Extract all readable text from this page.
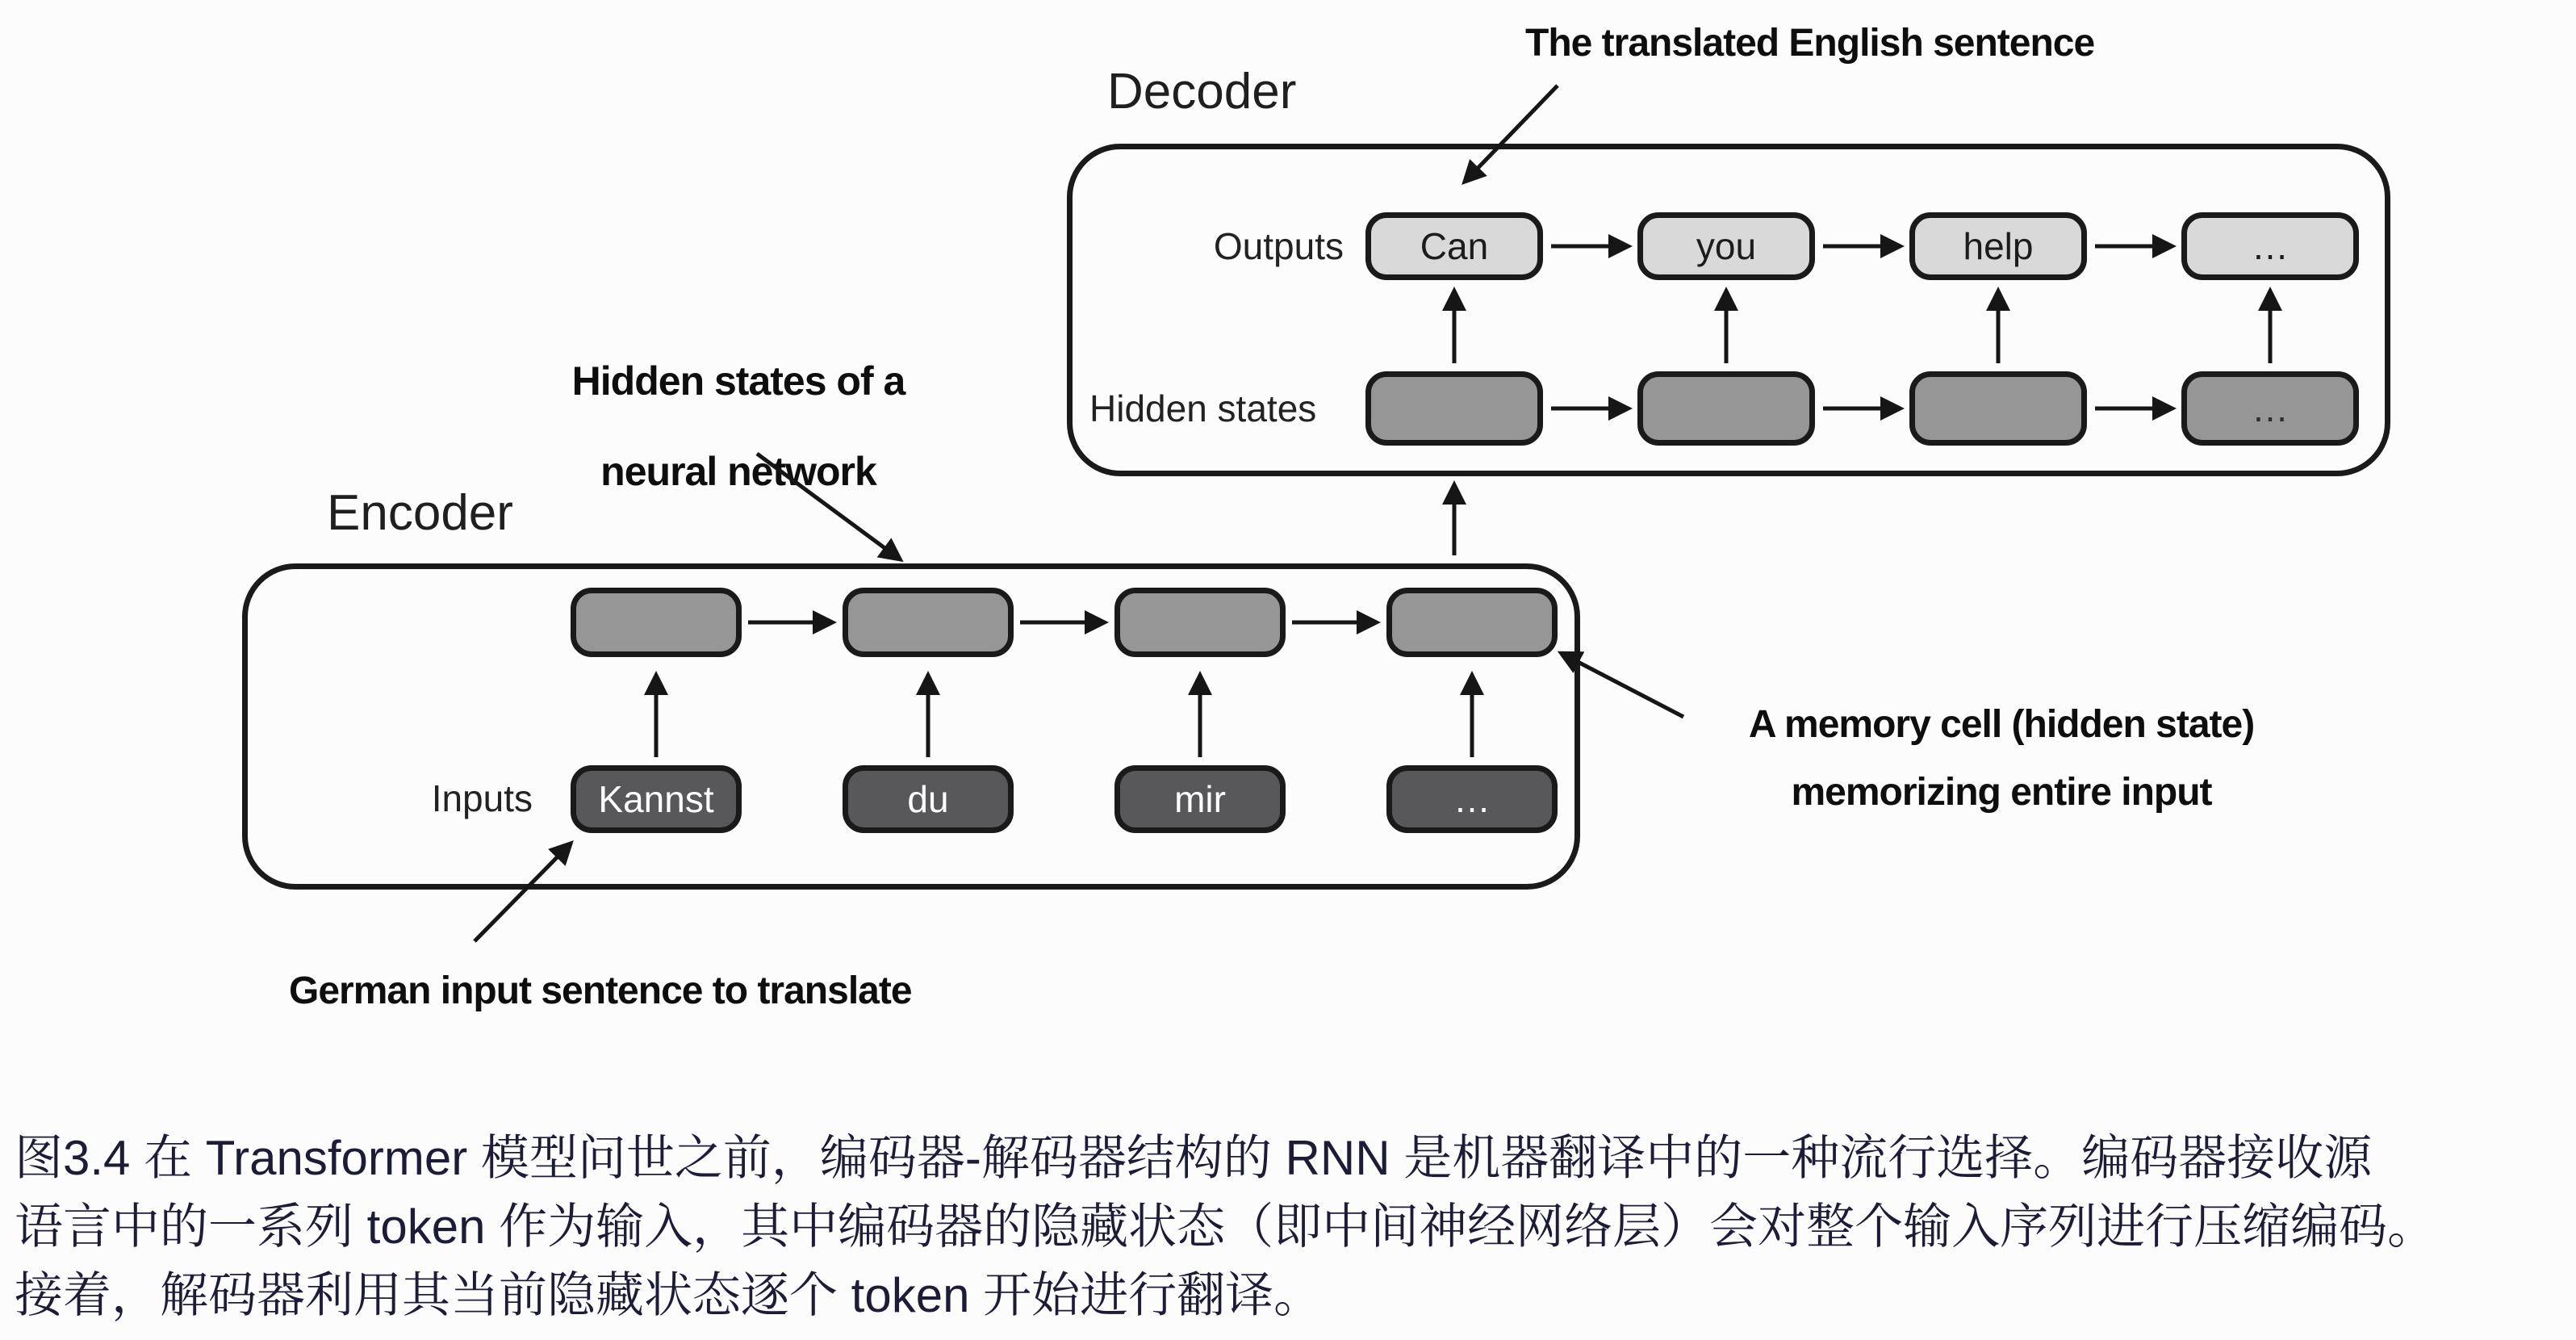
The translated English sentence
Decoder
Outputs	Can	you	help	…
Hidden states	…
Hidden states of a
neural network
Encoder
Inputs	Kannst	du	mir	…
A memory cell (hidden state)
memorizing entire input
German input sentence to translate
图3.4 在 Transformer 模型问世之前，编码器-解码器结构的 RNN 是机器翻译中的一种流行选择。编码器接收源
语言中的一系列 token 作为输入，其中编码器的隐藏状态（即中间神经网络层）会对整个输入序列进行压缩编码。
接着，解码器利用其当前隐藏状态逐个 token 开始进行翻译。
